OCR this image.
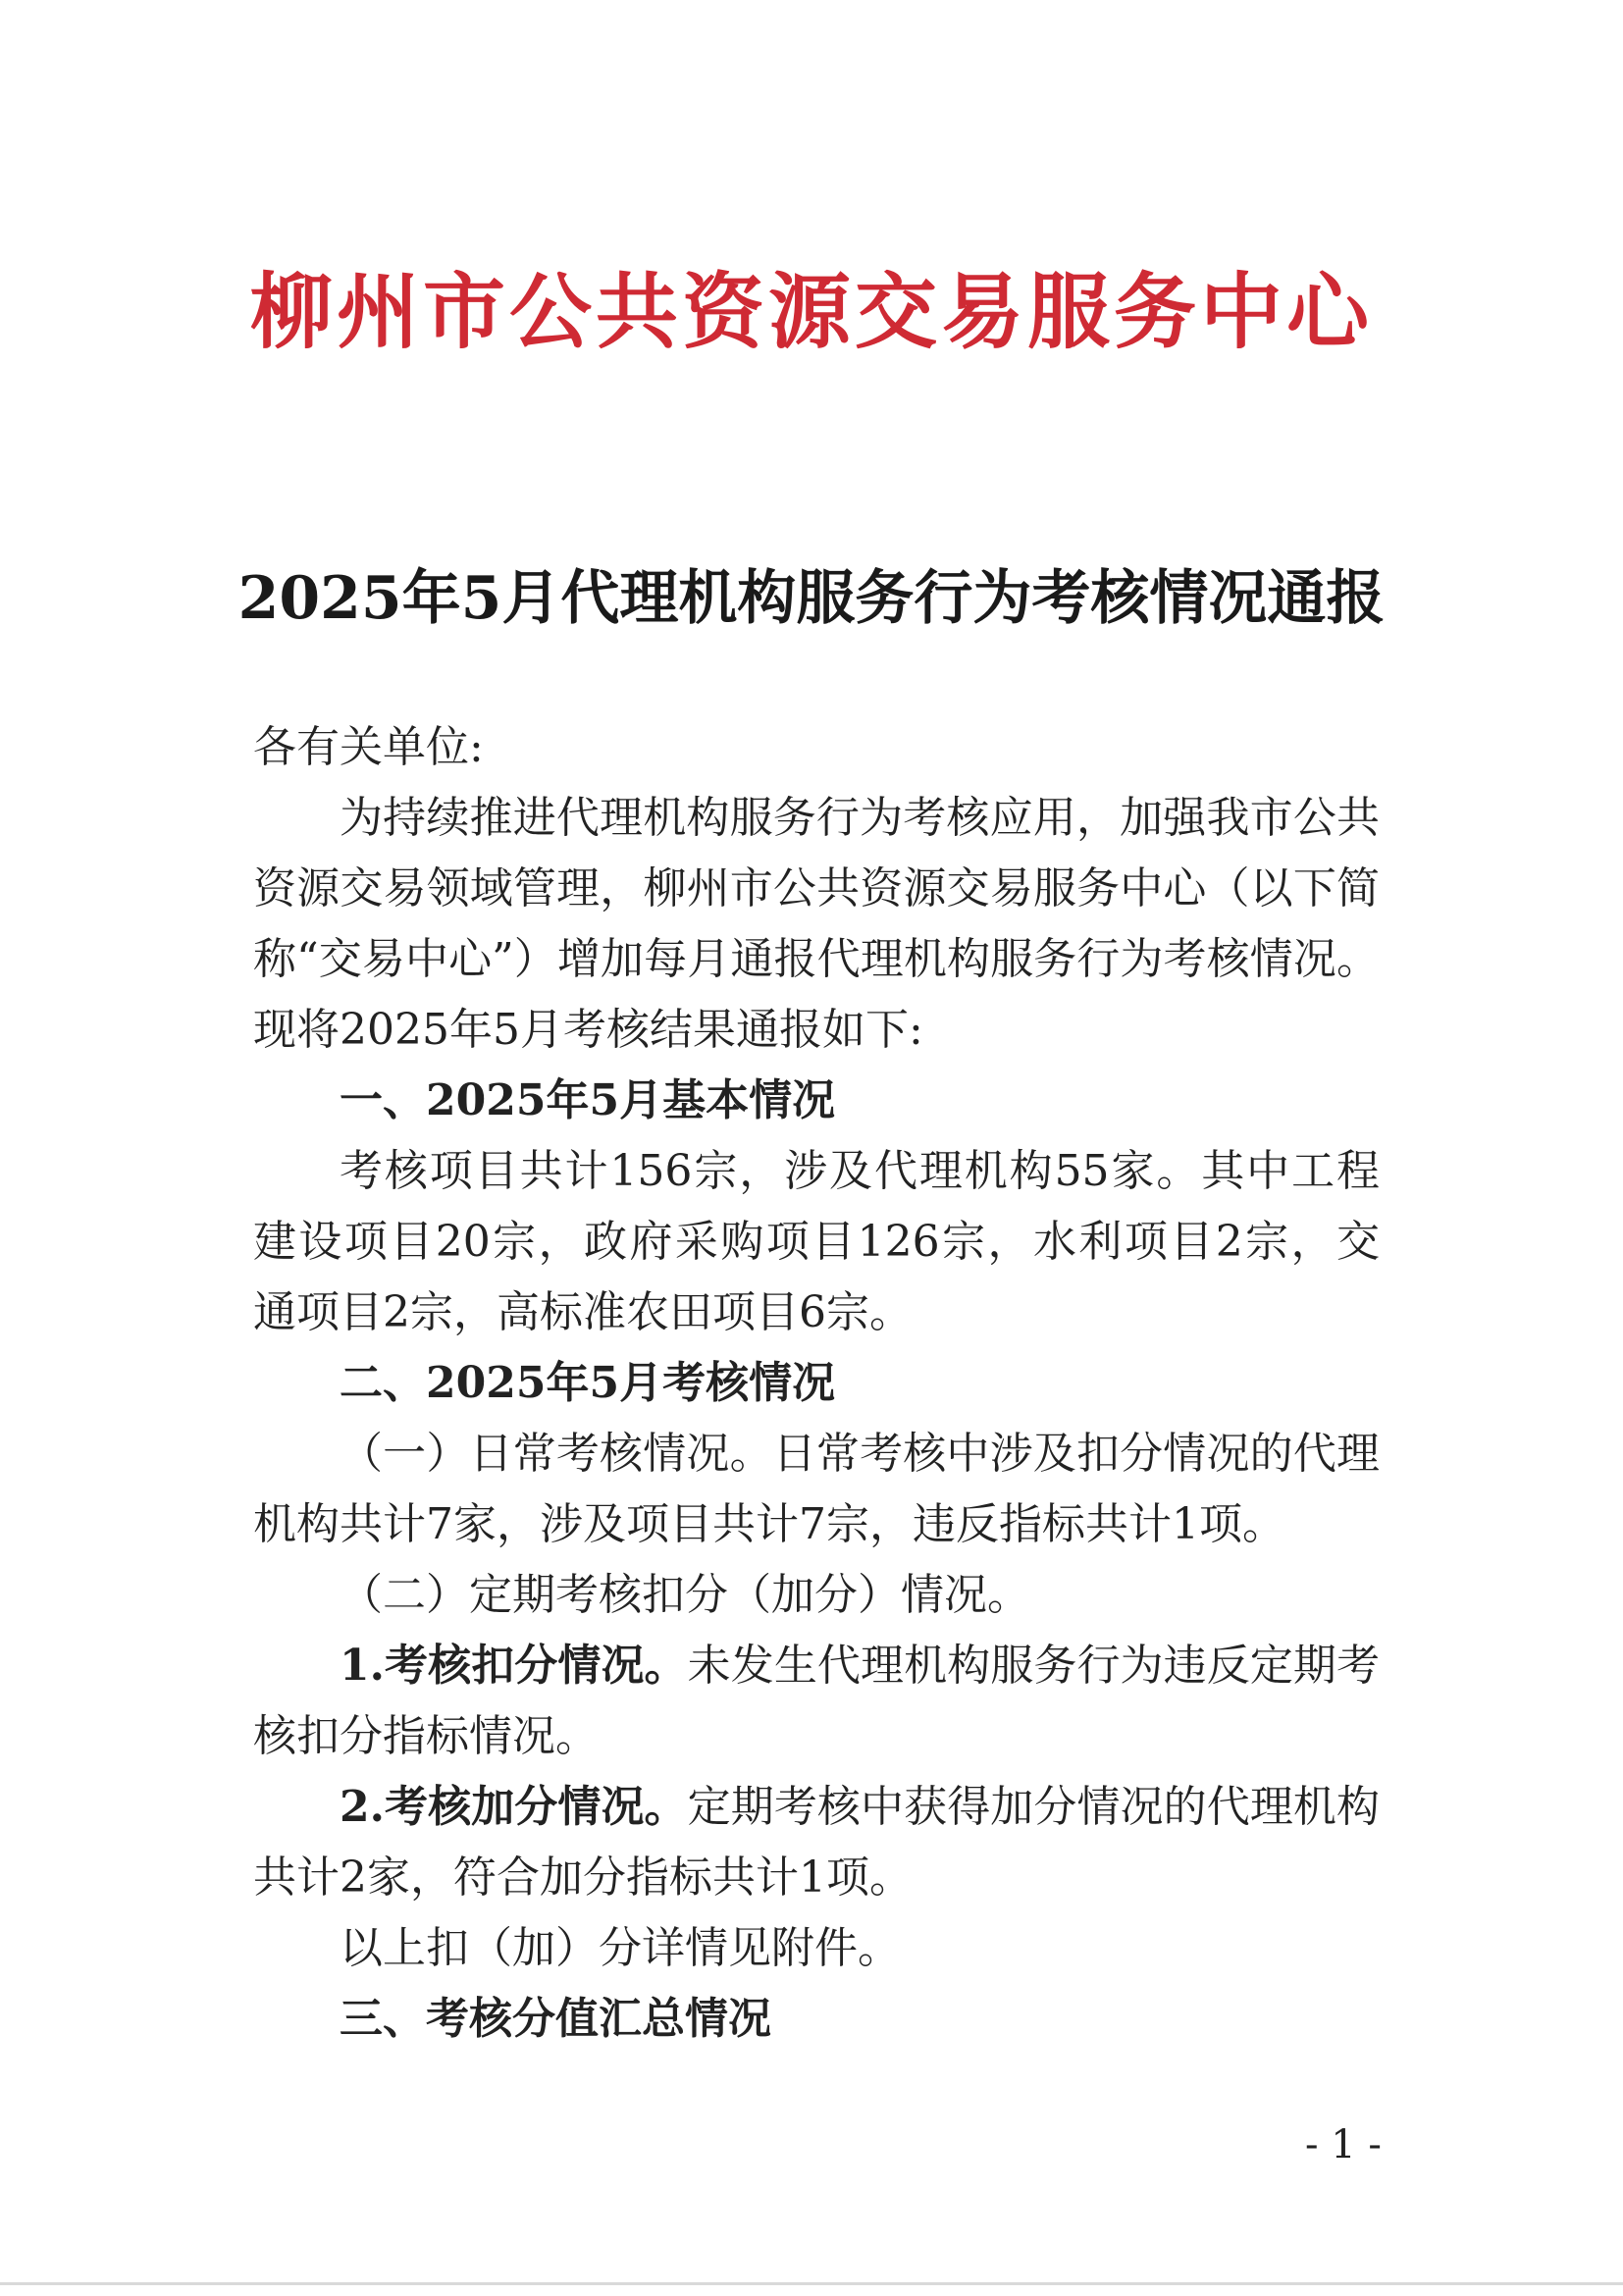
柳州市公共资源交易服务中心
2025年5月代理机构服务行为考核情况通报
各有关单位:
为持续推进代理机构服务行为考核应用，加强我市公共
资源交易领域管理，柳州市公共资源交易服务中心（以下简
称“交易中心”）增加每月通报代理机构服务行为考核情况。
现将2025年5月考核结果通报如下:
一、2025年5月基本情况
考核项目共计156宗，涉及代理机构55家。其中工程
建设项目20宗，政府采购项目126宗，水利项目2宗，交
通项目2宗，高标准农田项目6宗。
二、2025年5月考核情况
（一）日常考核情况。日常考核中涉及扣分情况的代理
机构共计7家，涉及项目共计7宗，违反指标共计1项。
（二）定期考核扣分（加分）情况。
1.考核扣分情况。未发生代理机构服务行为违反定期考
核扣分指标情况。
2.考核加分情况。定期考核中获得加分情况的代理机构
共计2家，符合加分指标共计1项。
以上扣（加）分详情见附件。
三、考核分值汇总情况
- 1 -
